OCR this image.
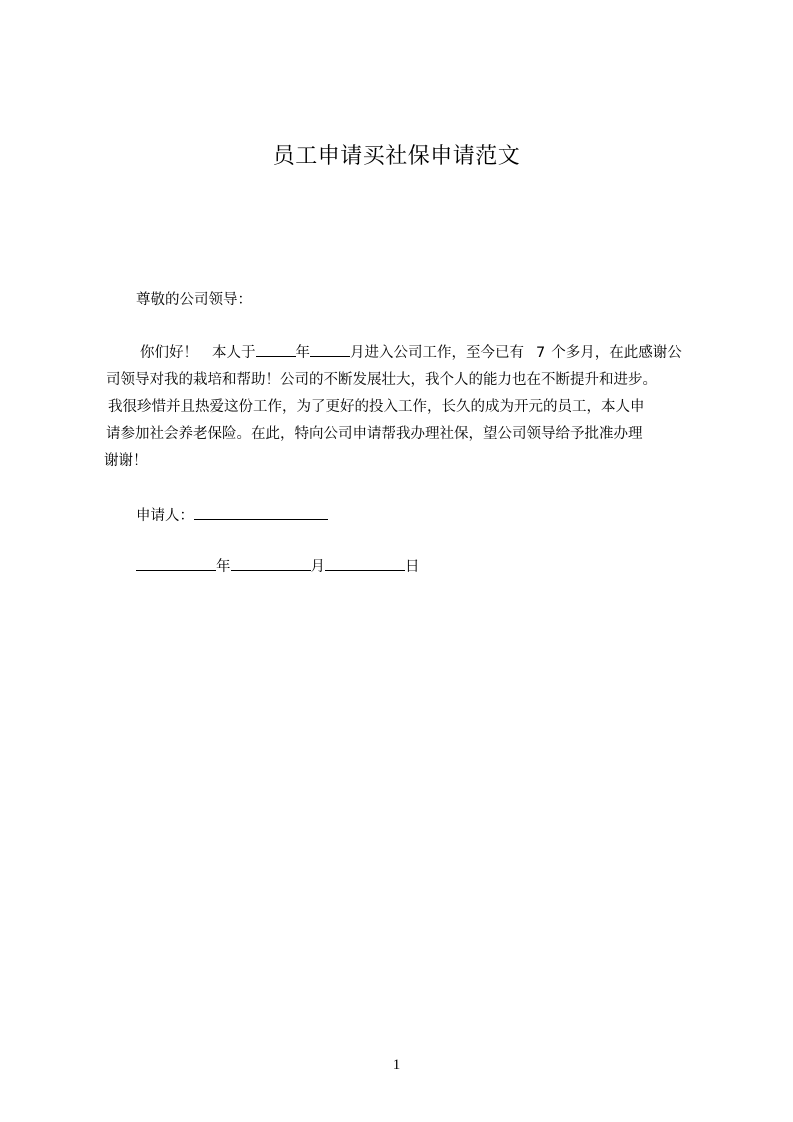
员工申请买社保申请范文
尊敬的公司领导：
你们好！ 本人于	年	月进入公司工作，至今已有 7 个多月，在此感谢公
司领导对我的栽培和帮助！公司的不断发展壮大，我个人的能力也在不断提升和进步。
我很珍惜并且热爱这份工作，为了更好的投入工作，长久的成为开元的员工，本人申
请参加社会养老保险。在此，特向公司申请帮我办理社保，望公司领导给予批准办理
谢谢！
申请人：
年	月	日
1
